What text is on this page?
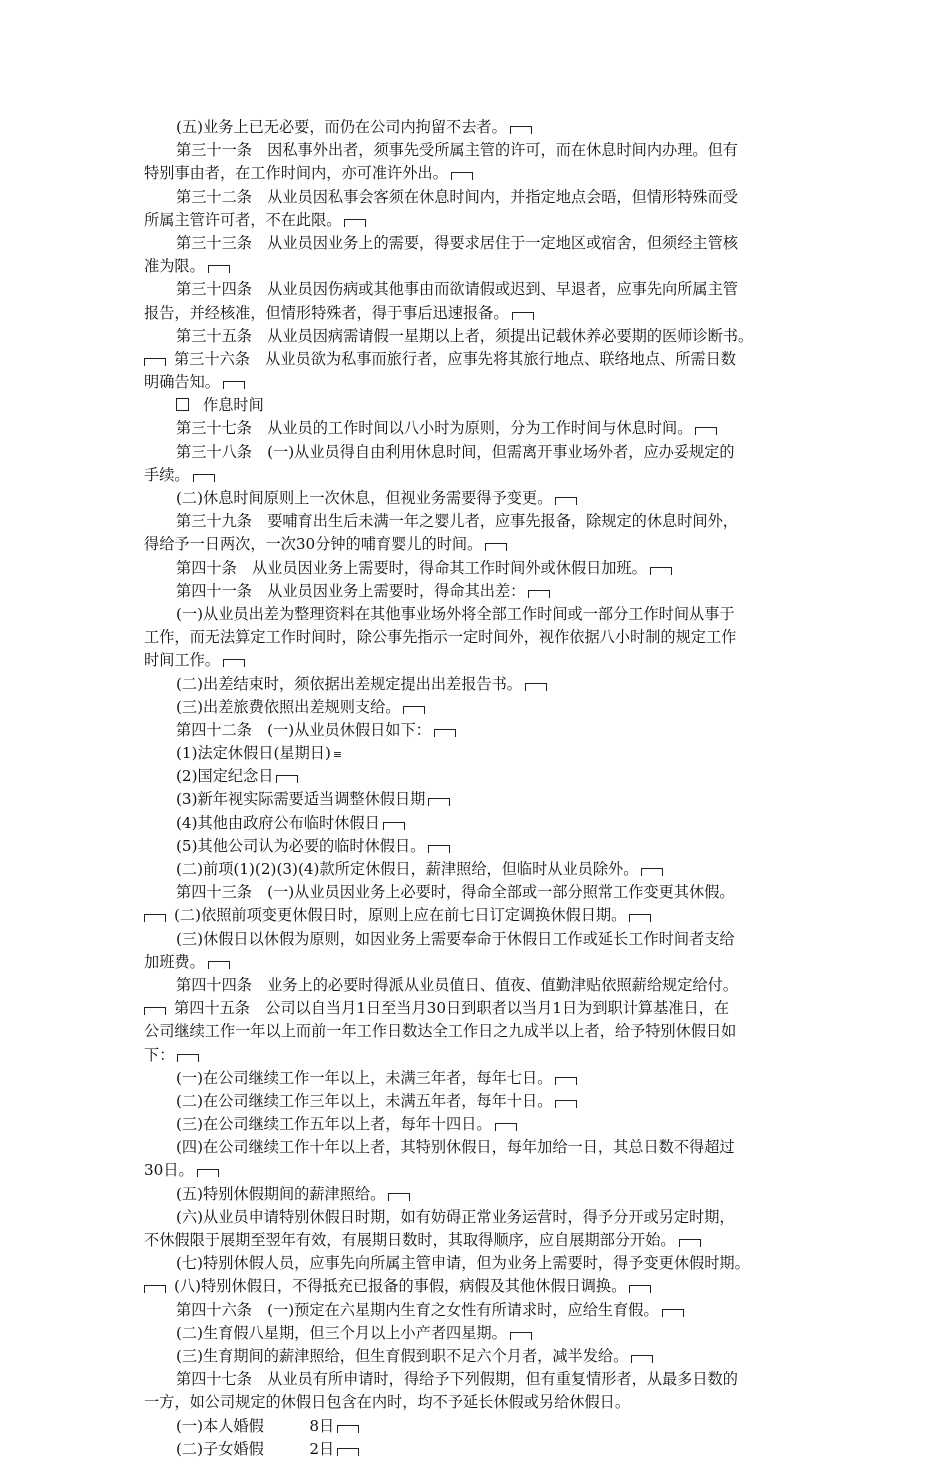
(五)业务上已无必要，而仍在公司内拘留不去者。
第三十一条　因私事外出者，须事先受所属主管的许可，而在休息时间内办理。但有
特别事由者，在工作时间内，亦可准许外出。
第三十二条　从业员因私事会客须在休息时间内，并指定地点会晤，但情形特殊而受
所属主管许可者，不在此限。
第三十三条　从业员因业务上的需要，得要求居住于一定地区或宿舍，但须经主管核
准为限。
第三十四条　从业员因伤病或其他事由而欲请假或迟到、早退者，应事先向所属主管
报告，并经核准，但情形特殊者，得于事后迅速报备。
第三十五条　从业员因病需请假一星期以上者，须提出记载休养必要期的医师诊断书。
第三十六条　从业员欲为私事而旅行者，应事先将其旅行地点、联络地点、所需日数
明确告知。
作息时间
第三十七条　从业员的工作时间以八小时为原则，分为工作时间与休息时间。
第三十八条　(一)从业员得自由利用休息时间，但需离开事业场外者，应办妥规定的
手续。
(二)休息时间原则上一次休息，但视业务需要得予变更。
第三十九条　要哺育出生后未满一年之婴儿者，应事先报备，除规定的休息时间外，
得给予一日两次，一次30分钟的哺育婴儿的时间。
第四十条　从业员因业务上需要时，得命其工作时间外或休假日加班。
第四十一条　从业员因业务上需要时，得命其出差：
(一)从业员出差为整理资料在其他事业场外将全部工作时间或一部分工作时间从事于
工作，而无法算定工作时间时，除公事先指示一定时间外，视作依据八小时制的规定工作
时间工作。
(二)出差结束时，须依据出差规定提出出差报告书。
(三)出差旅费依照出差规则支给。
第四十二条　(一)从业员休假日如下：
(1)法定休假日(星期日) ≡
(2)国定纪念日
(3)新年视实际需要适当调整休假日期
(4)其他由政府公布临时休假日
(5)其他公司认为必要的临时休假日。
(二)前项(1)(2)(3)(4)款所定休假日，薪津照给，但临时从业员除外。
第四十三条　(一)从业员因业务上必要时，得命全部或一部分照常工作变更其休假。
(二)依照前项变更休假日时，原则上应在前七日订定调换休假日期。
(三)休假日以休假为原则，如因业务上需要奉命于休假日工作或延长工作时间者支给
加班费。
第四十四条　业务上的必要时得派从业员值日、值夜、值勤津贴依照薪给规定给付。
第四十五条　公司以自当月1日至当月30日到职者以当月1日为到职计算基准日，在
公司继续工作一年以上而前一年工作日数达全工作日之九成半以上者，给予特别休假日如
下：
(一)在公司继续工作一年以上，未满三年者，每年七日。
(二)在公司继续工作三年以上，未满五年者，每年十日。
(三)在公司继续工作五年以上者，每年十四日。
(四)在公司继续工作十年以上者，其特别休假日，每年加给一日，其总日数不得超过
30日。
(五)特别休假期间的薪津照给。
(六)从业员申请特别休假日时期，如有妨碍正常业务运营时，得予分开或另定时期，
不休假限于展期至翌年有效，有展期日数时，其取得顺序，应自展期部分开始。
(七)特别休假人员，应事先向所属主管申请，但为业务上需要时，得予变更休假时期。
(八)特别休假日，不得抵充已报备的事假，病假及其他休假日调换。
第四十六条　(一)预定在六星期内生育之女性有所请求时，应给生育假。
(二)生育假八星期，但三个月以上小产者四星期。
(三)生育期间的薪津照给，但生育假到职不足六个月者，减半发给。
第四十七条　从业员有所申请时，得给予下列假期，但有重复情形者，从最多日数的
一方，如公司规定的休假日包含在内时，均不予延长休假或另给休假日。
(一)本人婚假　　　8日
(二)子女婚假　　　2日
